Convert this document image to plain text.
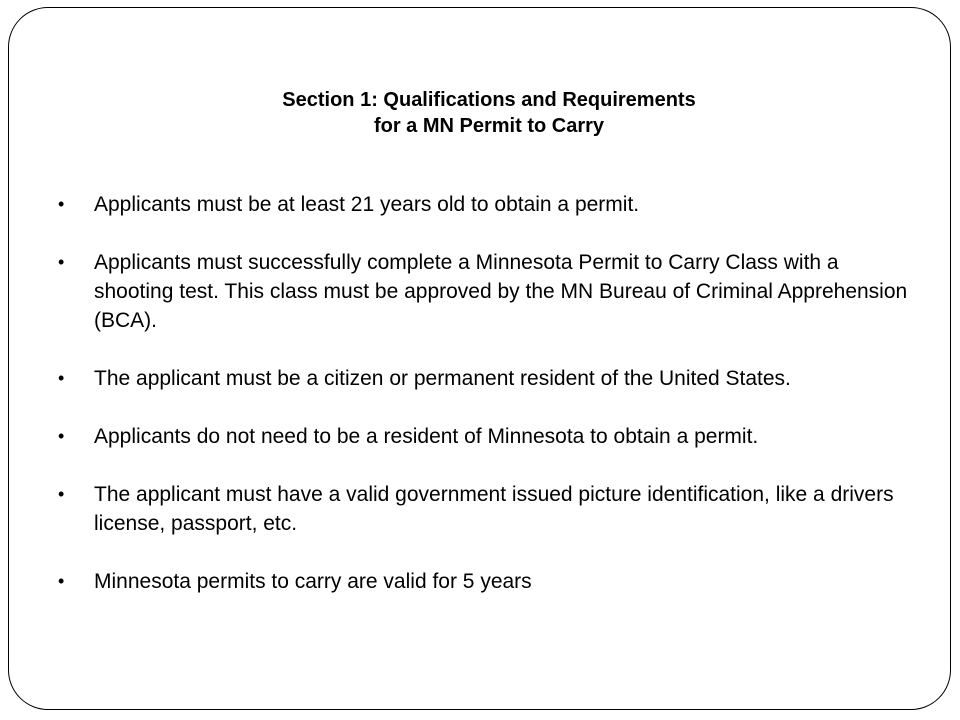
Section 1: Qualifications and Requirements
for a MN Permit to Carry
• Applicants must be at least 21 years old to obtain a permit.
• Applicants must successfully complete a Minnesota Permit to Carry Class with a shooting test. This class must be approved by the MN Bureau of Criminal Apprehension (BCA).
• The applicant must be a citizen or permanent resident of the United States.
• Applicants do not need to be a resident of Minnesota to obtain a permit.
• The applicant must have a valid government issued picture identification, like a drivers license, passport, etc.
• Minnesota permits to carry are valid for 5 years
